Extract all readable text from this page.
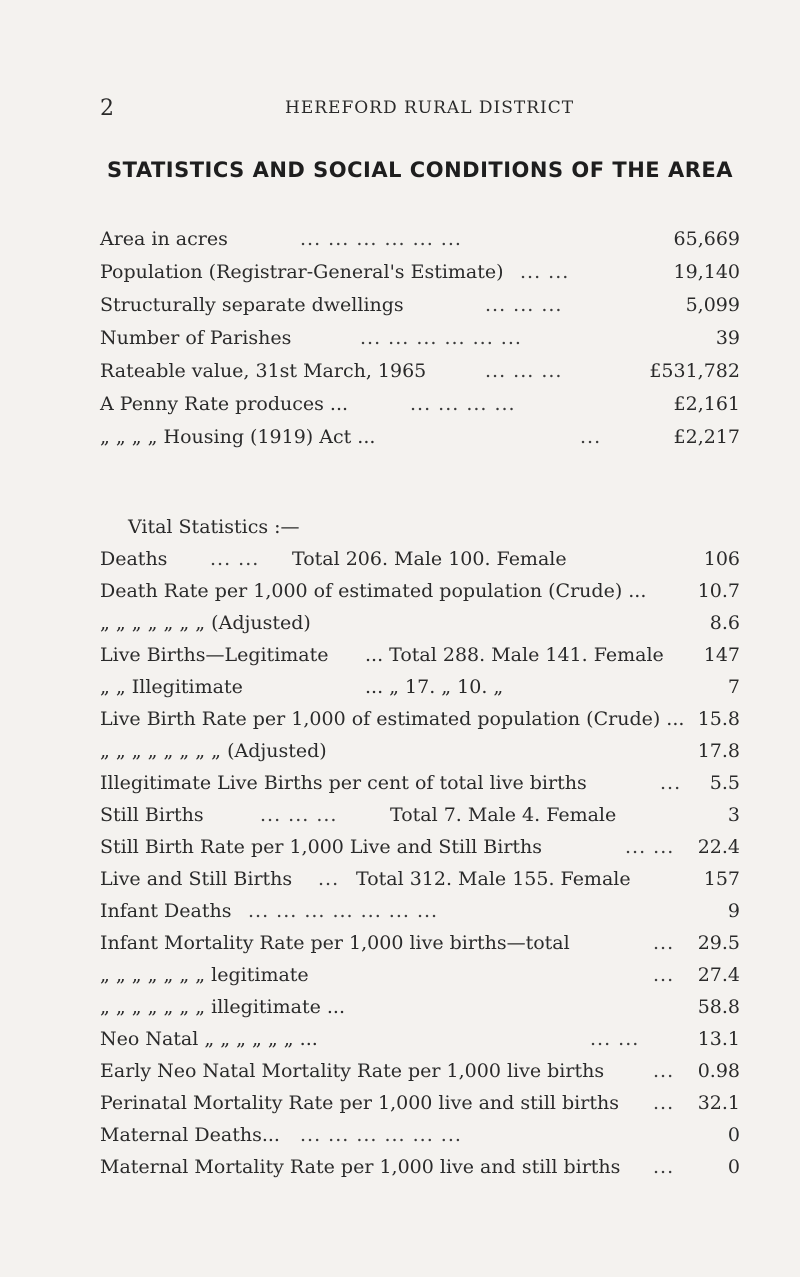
2	HEREFORD RURAL DISTRICT
STATISTICS AND SOCIAL CONDITIONS OF THE AREA
Area in acres	... ... ... ... ... ...	65,669
Population (Registrar-General's Estimate) ... ...	19,140
Structurally separate dwellings	... ... ...	5,099
Number of Parishes	... ... ... ... ... ...	39
Rateable value, 31st March, 1965	... ... ...	£531,782
A Penny Rate produces ...	... ... ... ...	£2,161
„ „ „ „ Housing (1919) Act ...	...	£2,217
Vital Statistics :—
Deaths ... ... Total 206. Male 100. Female	106
Death Rate per 1,000 of estimated population (Crude) ...	10.7
„ „ „ „ „ „ „ (Adjusted)	8.6
Live Births—Legitimate ... Total 288. Male 141. Female 147
„ „ Illegitimate	... „ 17. „ 10. „	7
Live Birth Rate per 1,000 of estimated population (Crude) ... 15.8
„ „ „ „ „ „ „ „ (Adjusted)	17.8
Illegitimate Live Births per cent of total live births	... 5.5
Still Births	... ... ...	Total 7. Male 4. Female	3
Still Birth Rate per 1,000 Live and Still Births	... ... 22.4
Live and Still Births ... Total 312. Male 155. Female	157
Infant Deaths ... ... ... ... ... ... ...	9
Infant Mortality Rate per 1,000 live births—total	... 29.5
„ „ „ „ „ „ „ legitimate	... 27.4
„ „ „ „ „ „ „ illegitimate ...	58.8
Neo Natal „ „ „ „ „ „ ...	... ...	13.1
Early Neo Natal Mortality Rate per 1,000 live births	... 0.98
Perinatal Mortality Rate per 1,000 live and still births ... 32.1
Maternal Deaths... ... ... ... ... ... ...	0
Maternal Mortality Rate per 1,000 live and still births ...	0
